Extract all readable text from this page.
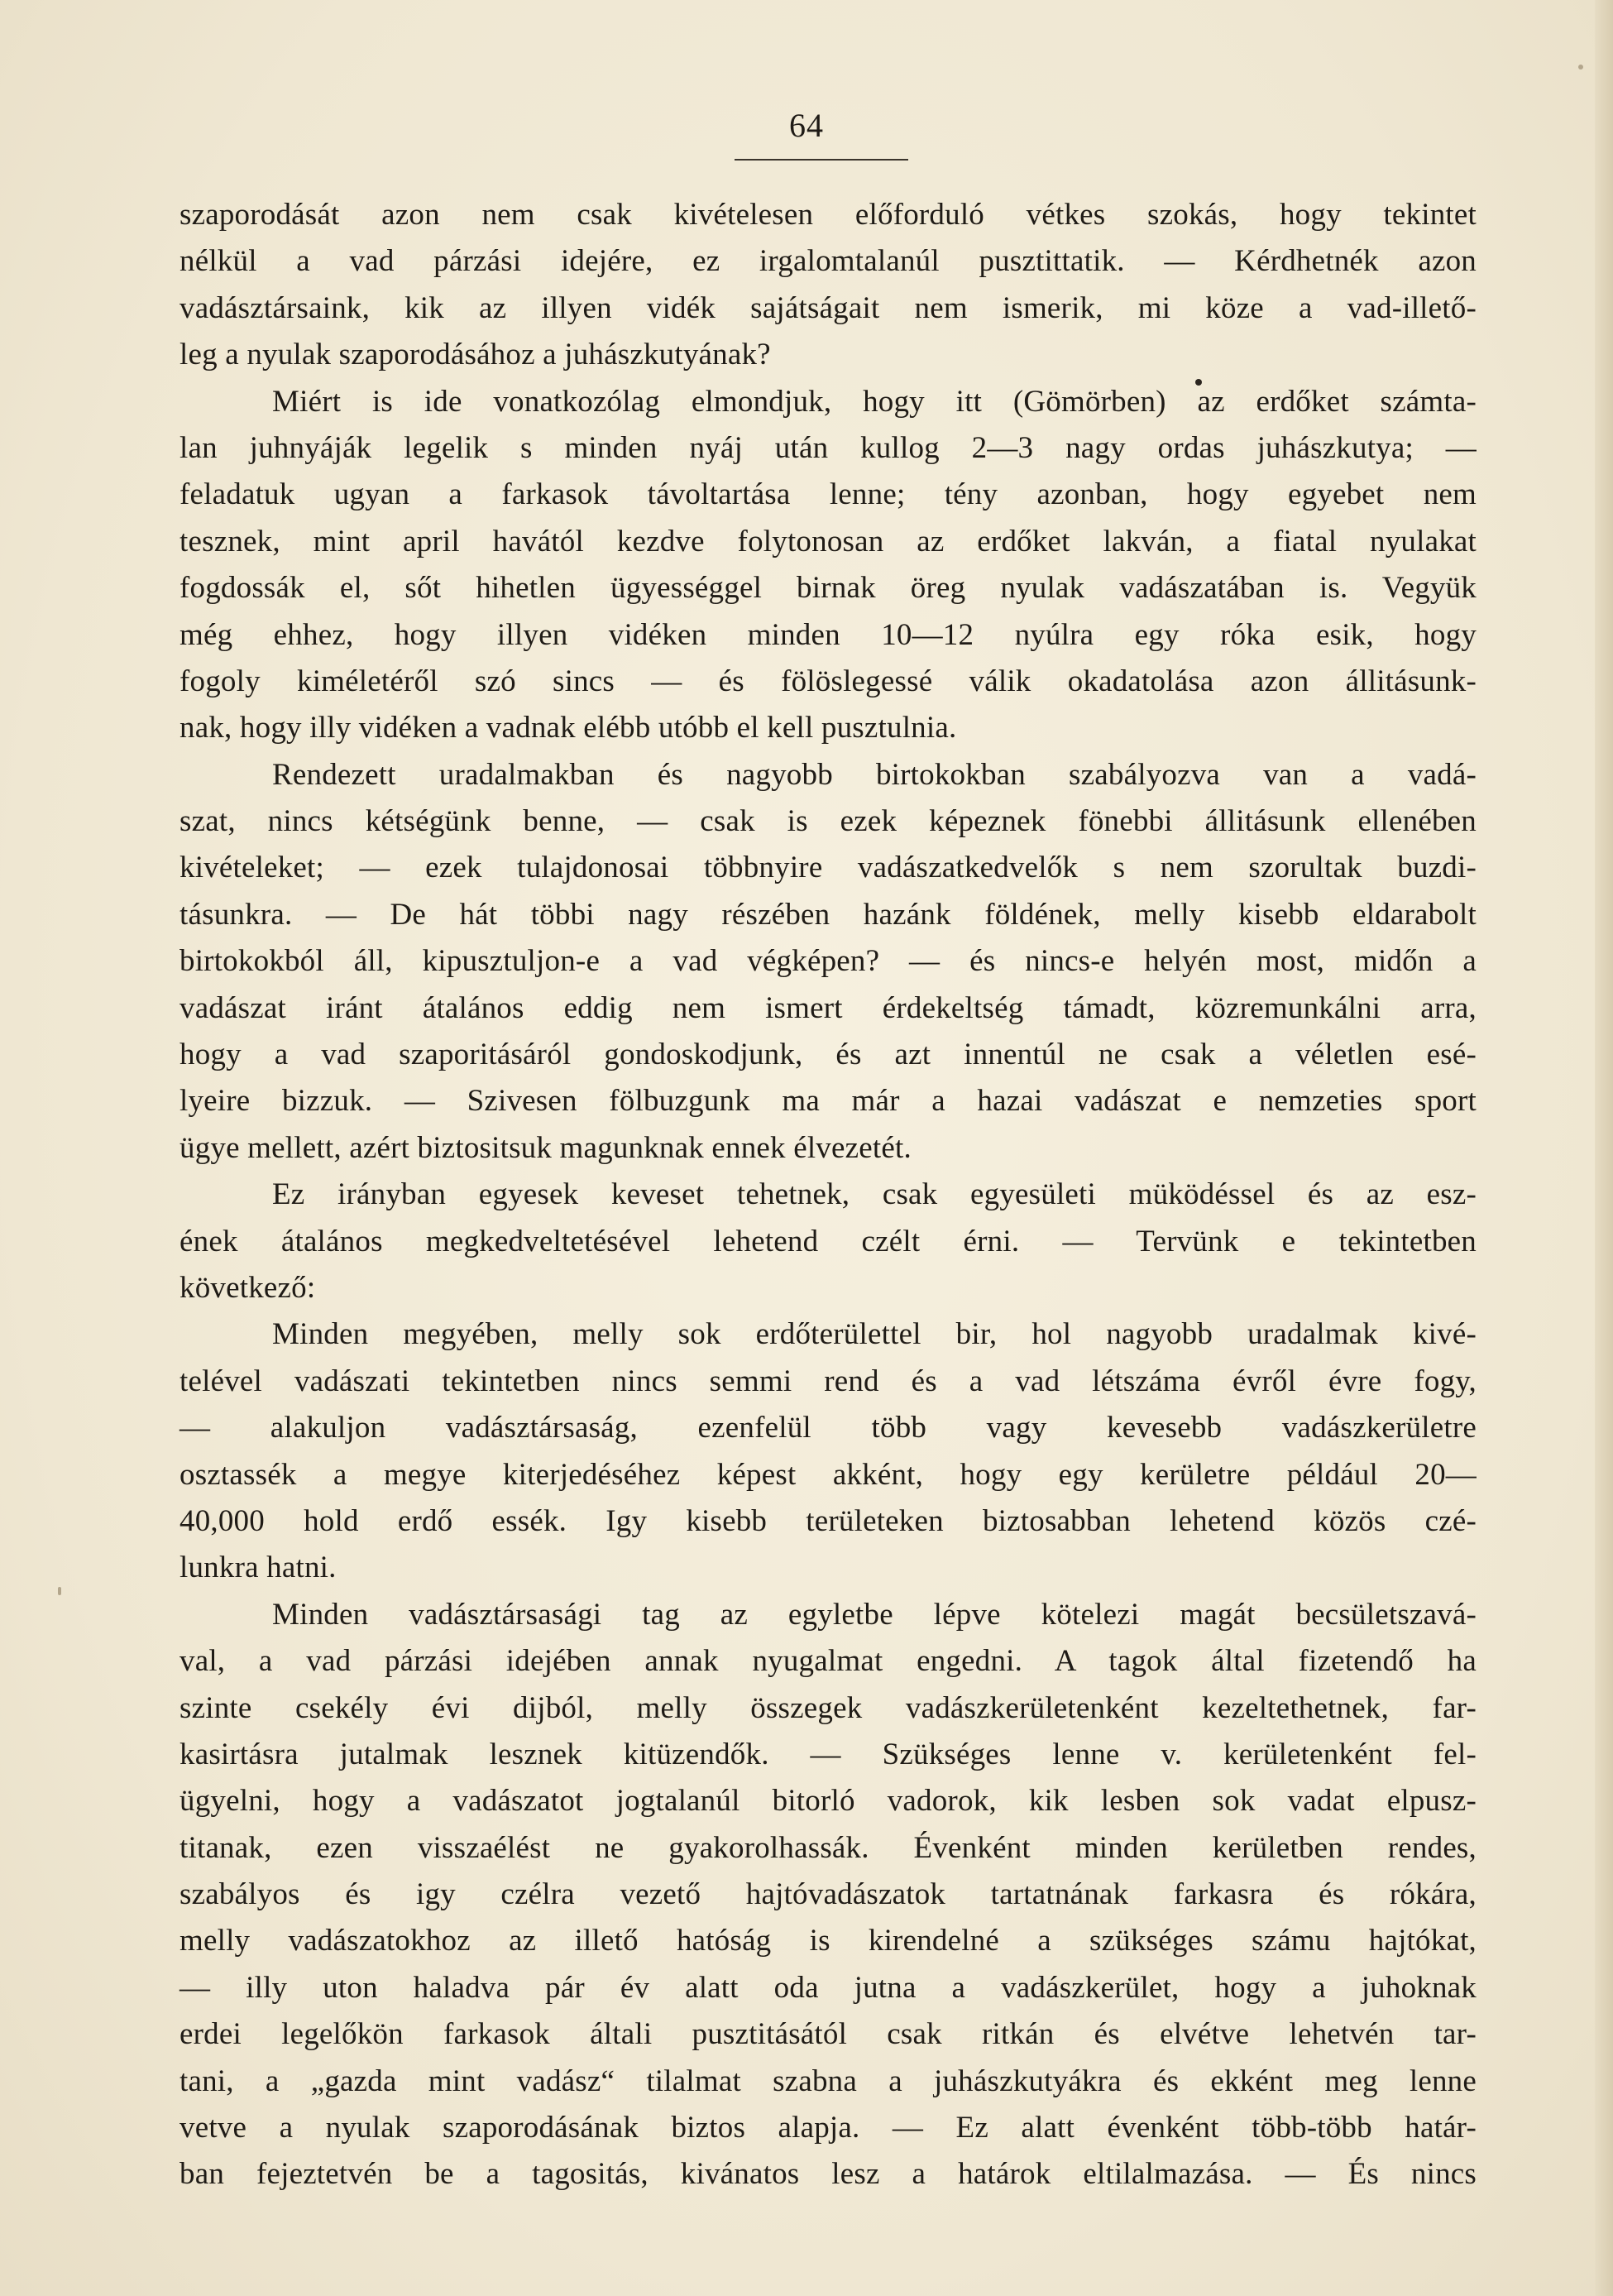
64
szaporodását azon nem csak kivételesen előforduló vétkes szokás, hogy tekintet
nélkül a vad párzási idejére, ez irgalomtalanúl pusztittatik. — Kérdhetnék azon
vadásztársaink, kik az illyen vidék sajátságait nem ismerik, mi köze a vad-illető-
leg a nyulak szaporodásához a juhászkutyának?
Miért is ide vonatkozólag elmondjuk, hogy itt (Gömörben) az erdőket számta-
lan juhnyáják legelik s minden nyáj után kullog 2—3 nagy ordas juhászkutya; —
feladatuk ugyan a farkasok távoltartása lenne; tény azonban, hogy egyebet nem
tesznek, mint april havától kezdve folytonosan az erdőket lakván, a fiatal nyulakat
fogdossák el, sőt hihetlen ügyességgel birnak öreg nyulak vadászatában is. Vegyük
még ehhez, hogy illyen vidéken minden 10—12 nyúlra egy róka esik, hogy
fogoly kiméletéről szó sincs — és fölöslegessé válik okadatolása azon állitásunk-
nak, hogy illy vidéken a vadnak elébb utóbb el kell pusztulnia.
Rendezett uradalmakban és nagyobb birtokokban szabályozva van a vadá-
szat, nincs kétségünk benne, — csak is ezek képeznek fönebbi állitásunk ellenében
kivételeket; — ezek tulajdonosai többnyire vadászatkedvelők s nem szorultak buzdi-
tásunkra. — De hát többi nagy részében hazánk földének, melly kisebb eldarabolt
birtokokból áll, kipusztuljon-e a vad végképen? — és nincs-e helyén most, midőn a
vadászat iránt átalános eddig nem ismert érdekeltség támadt, közremunkálni arra,
hogy a vad szaporitásáról gondoskodjunk, és azt innentúl ne csak a véletlen esé-
lyeire bizzuk. — Szivesen fölbuzgunk ma már a hazai vadászat e nemzeties sport
ügye mellett, azért biztositsuk magunknak ennek élvezetét.
Ez irányban egyesek keveset tehetnek, csak egyesületi müködéssel és az esz-
ének átalános megkedveltetésével lehetend czélt érni. — Tervünk e tekintetben
következő:
Minden megyében, melly sok erdőterülettel bir, hol nagyobb uradalmak kivé-
telével vadászati tekintetben nincs semmi rend és a vad létszáma évről évre fogy,
— alakuljon vadásztársaság, ezenfelül több vagy kevesebb vadászkerületre
osztassék a megye kiterjedéséhez képest akként, hogy egy kerületre például 20—
40,000 hold erdő essék. Igy kisebb területeken biztosabban lehetend közös czé-
lunkra hatni.
Minden vadásztársasági tag az egyletbe lépve kötelezi magát becsületszavá-
val, a vad párzási idejében annak nyugalmat engedni. A tagok által fizetendő ha
szinte csekély évi dijból, melly összegek vadászkerületenként kezeltethetnek, far-
kasirtásra jutalmak lesznek kitüzendők. — Szükséges lenne v. kerületenként fel-
ügyelni, hogy a vadászatot jogtalanúl bitorló vadorok, kik lesben sok vadat elpusz-
titanak, ezen visszaélést ne gyakorolhassák. Évenként minden kerületben rendes,
szabályos és igy czélra vezető hajtóvadászatok tartatnának farkasra és rókára,
melly vadászatokhoz az illető hatóság is kirendelné a szükséges számu hajtókat,
— illy uton haladva pár év alatt oda jutna a vadászkerület, hogy a juhoknak
erdei legelőkön farkasok általi pusztitásától csak ritkán és elvétve lehetvén tar-
tani, a „gazda mint vadász“ tilalmat szabna a juhászkutyákra és ekként meg lenne
vetve a nyulak szaporodásának biztos alapja. — Ez alatt évenként több-több határ-
ban fejeztetvén be a tagositás, kivánatos lesz a határok eltilalmazása. — És nincs
